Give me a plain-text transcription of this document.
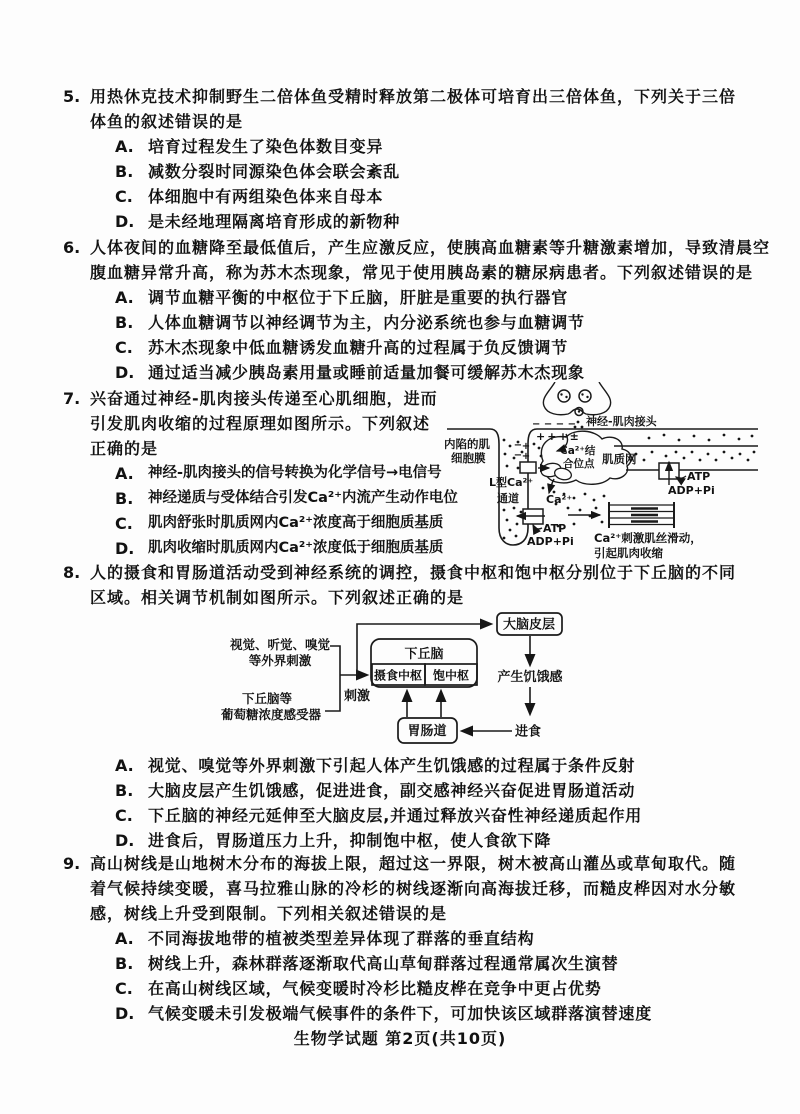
5. 用热休克技术抑制野生二倍体鱼受精时释放第二极体可培育出三倍体鱼，下列关于三倍
体鱼的叙述错误的是
A. 培育过程发生了染色体数目变异
B. 减数分裂时同源染色体会联会紊乱
C. 体细胞中有两组染色体来自母本
D. 是未经地理隔离培育形成的新物种
6. 人体夜间的血糖降至最低值后，产生应激反应，使胰高血糖素等升糖激素增加，导致清晨空
腹血糖异常升高，称为苏木杰现象，常见于使用胰岛素的糖尿病患者。下列叙述错误的是
A. 调节血糖平衡的中枢位于下丘脑，肝脏是重要的执行器官
B. 人体血糖调节以神经调节为主，内分泌系统也参与血糖调节
C. 苏木杰现象中低血糖诱发血糖升高的过程属于负反馈调节
D. 通过适当减少胰岛素用量或睡前适量加餐可缓解苏木杰现象
7. 兴奋通过神经-肌肉接头传递至心肌细胞，进而
引发肌肉收缩的过程原理如图所示。下列叙述
正确的是
A. 神经-肌肉接头的信号转换为化学信号→电信号
B.	神经递质与受体结合引发Ca²⁺内流产生动作电位
C.	肌肉舒张时肌质网内Ca²⁺浓度高于细胞质基质
D. 肌肉收缩时肌质网内Ca²⁺浓度低于细胞质基质
− − − −
+++±
神经-肌肉接头
− +
− +
内陷的肌
细胞膜
L型Ca²⁺
通道
Ca²⁺结
合位点 肌质网
Ca²⁺
ATP
ADP+Pi
ATP
ADP+Pi
Ca²⁺刺激肌丝滑动，
引起肌肉收缩
8. 人的摄食和胃肠道活动受到神经系统的调控，摄食中枢和饱中枢分别位于下丘脑的不同
区域。相关调节机制如图所示。下列叙述正确的是
视觉、听觉、嗅觉
等外界刺激
下丘脑等
葡萄糖浓度感受器
刺激
下丘脑
摄食中枢 饱中枢
大脑皮层
产生饥饿感
进食
胃肠道
A. 视觉、嗅觉等外界刺激下引起人体产生饥饿感的过程属于条件反射
B. 大脑皮层产生饥饿感，促进进食，副交感神经兴奋促进胃肠道活动
C. 下丘脑的神经元延伸至大脑皮层,并通过释放兴奋性神经递质起作用
D. 进食后，胃肠道压力上升，抑制饱中枢，使人食欲下降
9. 高山树线是山地树木分布的海拔上限，超过这一界限，树木被高山灌丛或草甸取代。随
着气候持续变暖，喜马拉雅山脉的冷杉的树线逐渐向高海拔迁移，而糙皮桦因对水分敏
感，树线上升受到限制。下列相关叙述错误的是
A. 不同海拔地带的植被类型差异体现了群落的垂直结构
B. 树线上升，森林群落逐渐取代高山草甸群落过程通常属次生演替
C. 在高山树线区域，气候变暖时冷杉比糙皮桦在竞争中更占优势
D. 气候变暖未引发极端气候事件的条件下，可加快该区域群落演替速度
生物学试题 第2页(共10页)
